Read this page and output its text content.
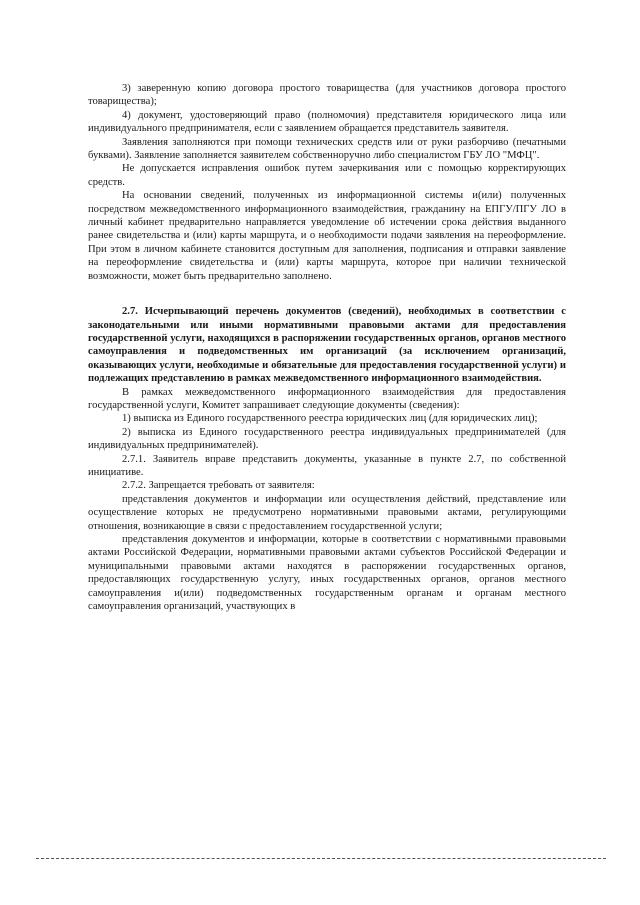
3) заверенную копию договора простого товарищества (для участников договора простого товарищества);

4) документ, удостоверяющий право (полномочия) представителя юридического лица или индивидуального предпринимателя, если с заявлением обращается представитель заявителя.

Заявления заполняются при помощи технических средств или от руки разборчиво (печатными буквами). Заявление заполняется заявителем собственноручно либо специалистом ГБУ ЛО "МФЦ".

Не допускается исправления ошибок путем зачеркивания или с помощью корректирующих средств.

На основании сведений, полученных из информационной системы и(или) полученных посредством межведомственного информационного взаимодействия, гражданину на ЕПГУ/ПГУ ЛО в личный кабинет предварительно направляется уведомление об истечении срока действия выданного ранее свидетельства и (или) карты маршрута, и о необходимости подачи заявления на переоформление. При этом в личном кабинете становится доступным для заполнения, подписания и отправки заявление на переоформление свидетельства и (или) карты маршрута, которое при наличии технической возможности, может быть предварительно заполнено.

2.7. Исчерпывающий перечень документов (сведений), необходимых в соответствии с законодательными или иными нормативными правовыми актами для предоставления государственной услуги, находящихся в распоряжении государственных органов, органов местного самоуправления и подведомственных им организаций (за исключением организаций, оказывающих услуги, необходимые и обязательные для предоставления государственной услуги) и подлежащих представлению в рамках межведомственного информационного взаимодействия.

В рамках межведомственного информационного взаимодействия для предоставления государственной услуги, Комитет запрашивает следующие документы (сведения):

1) выписка из Единого государственного реестра юридических лиц (для юридических лиц);

2) выписка из Единого государственного реестра индивидуальных предпринимателей (для индивидуальных предпринимателей).

2.7.1. Заявитель вправе представить документы, указанные в пункте 2.7, по собственной инициативе.

2.7.2. Запрещается требовать от заявителя:

представления документов и информации или осуществления действий, представление или осуществление которых не предусмотрено нормативными правовыми актами, регулирующими отношения, возникающие в связи с предоставлением государственной услуги;

представления документов и информации, которые в соответствии с нормативными правовыми актами Российской Федерации, нормативными правовыми актами субъектов Российской Федерации и муниципальными правовыми актами находятся в распоряжении государственных органов, предоставляющих государственную услугу, иных государственных органов, органов местного самоуправления и(или) подведомственных государственным органам и органам местного самоуправления организаций, участвующих в
